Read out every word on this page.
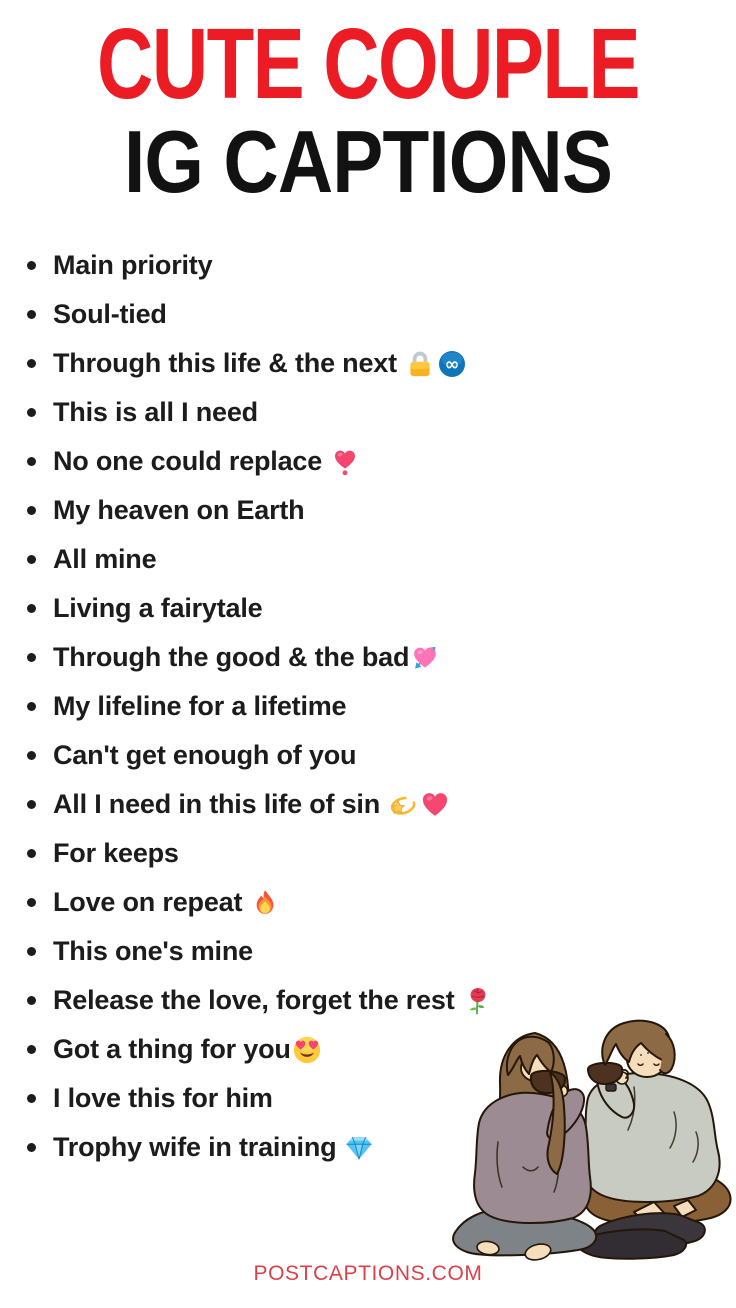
CUTE COUPLE
IG CAPTIONS
Main priority
Soul-tied
Through this life & the next
This is all I need
No one could replace
My heaven on Earth
All mine
Living a fairytale
Through the good & the bad
My lifeline for a lifetime
Can't get enough of you
All I need in this life of sin
For keeps
Love on repeat
This one's mine
Release the love, forget the rest
Got a thing for you
I love this for him
Trophy wife in training
POSTCAPTIONS.COM
